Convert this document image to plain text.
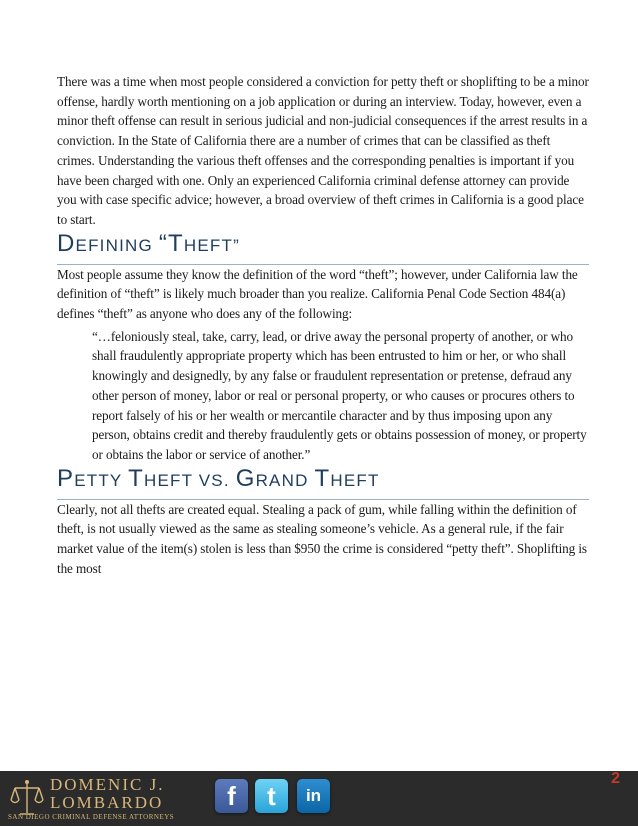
There was a time when most people considered a conviction for petty theft or shoplifting to be a minor offense, hardly worth mentioning on a job application or during an interview. Today, however, even a minor theft offense can result in serious judicial and non-judicial consequences if the arrest results in a conviction. In the State of California there are a number of crimes that can be classified as theft crimes. Understanding the various theft offenses and the corresponding penalties is important if you have been charged with one. Only an experienced California criminal defense attorney can provide you with case specific advice; however, a broad overview of theft crimes in California is a good place to start.

DEFINING “THEFT”

Most people assume they know the definition of the word “theft”; however, under California law the definition of “theft” is likely much broader than you realize. California Penal Code Section 484(a) defines “theft” as anyone who does any of the following:

“…feloniously steal, take, carry, lead, or drive away the personal property of another, or who shall fraudulently appropriate property which has been entrusted to him or her, or who shall knowingly and designedly, by any false or fraudulent representation or pretense, defraud any other person of money, labor or real or personal property, or who causes or procures others to report falsely of his or her wealth or mercantile character and by thus imposing upon any person, obtains credit and thereby fraudulently gets or obtains possession of money, or property or obtains the labor or service of another.”
PETTY THEFT VS. GRAND THEFT

Clearly, not all thefts are created equal. Stealing a pack of gum, while falling within the definition of theft, is not usually viewed as the same as stealing someone’s vehicle. As a general rule, if the fair market value of the item(s) stolen is less than $950 the crime is considered “petty theft”. Shoplifting is the most

DOMENIC J.
LOMBARDO
SAN DIEGO CRIMINAL DEFENSE ATTORNEYS
f	t	in
2
